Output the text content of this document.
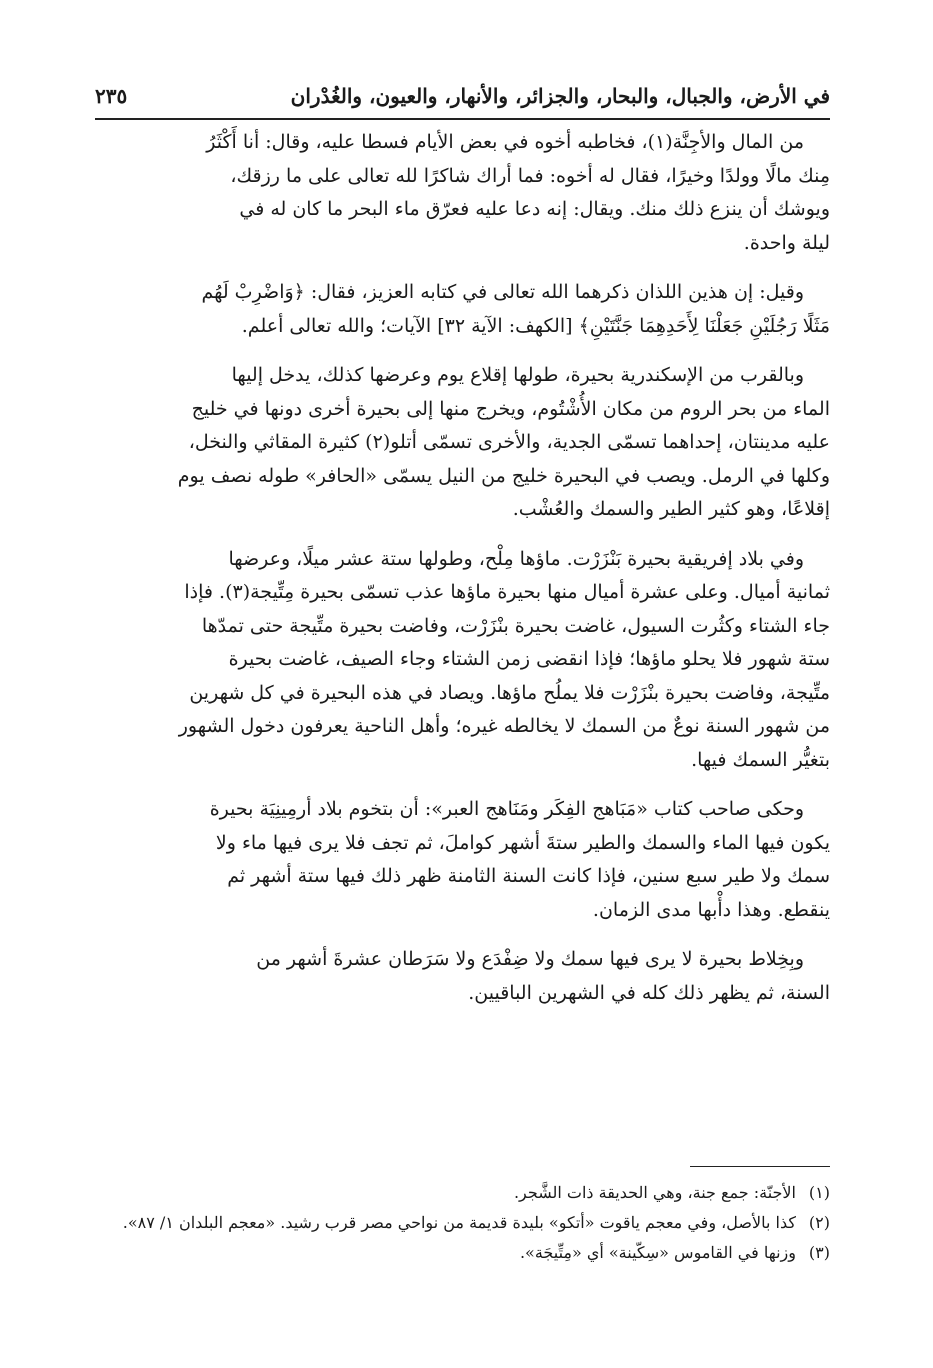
في الأرض، والجبال، والبحار، والجزائر، والأنهار، والعيون، والغُدْران
٢٣٥

من المال والأجِنَّة(١)، فخاطبه أخوه في بعض الأيام فسطا عليه، وقال: أنا أَكْثَرُ
مِنك مالًا وولدًا وخيرًا، فقال له أخوه: فما أراك شاكرًا لله تعالى على ما رزقك،
ويوشك أن ينزع ذلك منك. ويقال: إنه دعا عليه فعرّق ماء البحر ما كان له في
ليلة واحدة.

وقيل: إن هذين اللذان ذكرهما الله تعالى في كتابه العزيز، فقال: ﴿وَاضْرِبْ لَهُم
مَثَلًا رَجُلَيْنِ جَعَلْنَا لِأَحَدِهِمَا جَنَّتَيْنِ﴾ [الكهف: الآية ٣٢] الآيات؛ والله تعالى أعلم.

وبالقرب من الإسكندرية بحيرة، طولها إقلاع يوم وعرضها كذلك، يدخل إليها
الماء من بحر الروم من مكان الأُشْتُوم، ويخرج منها إلى بحيرة أخرى دونها في خليج
عليه مدينتان، إحداهما تسمّى الجدية، والأخرى تسمّى أتلو(٢) كثيرة المقاثي والنخل،
وكلها في الرمل. ويصب في البحيرة خليج من النيل يسمّى «الحافر» طوله نصف يوم
إقلاعًا، وهو كثير الطير والسمك والعُشْب.

وفي بلاد إفريقية بحيرة بَنْزَرْت. ماؤها مِلْح، وطولها ستة عشر ميلًا، وعرضها
ثمانية أميال. وعلى عشرة أميال منها بحيرة ماؤها عذب تسمّى بحيرة مِتِّيجة(٣). فإذا
جاء الشتاء وكثُرت السيول، غاضت بحيرة بنْزَرْت، وفاضت بحيرة متِّيجة حتى تمدّها
ستة شهور فلا يحلو ماؤها؛ فإذا انقضى زمن الشتاء وجاء الصيف، غاضت بحيرة
متِّيجة، وفاضت بحيرة بنْزَرْت فلا يملُح ماؤها. ويصاد في هذه البحيرة في كل شهرين
من شهور السنة نوعٌ من السمك لا يخالطه غيره؛ وأهل الناحية يعرفون دخول الشهور
بتغيُّر السمك فيها.

وحكى صاحب كتاب «مَبَاهج الفِكَر ومَنَاهج العبر»: أن بتخوم بلاد أرمِينِيَة بحيرة
يكون فيها الماء والسمك والطير ستةَ أشهر كواملَ، ثم تجف فلا يرى فيها ماء ولا
سمك ولا طير سبع سنين، فإذا كانت السنة الثامنة ظهر ذلك فيها ستة أشهر ثم
ينقطع. وهذا دأْبها مدى الزمان.

وبِخِلاط بحيرة لا يرى فيها سمك ولا ضِفْدَع ولا سَرَطان عشرةَ أشهر من
السنة، ثم يظهر ذلك كله في الشهرين الباقيين.

(١)
الأجنّة: جمع جنة، وهي الحديقة ذات الشَّجر.
(٢)
كذا بالأصل، وفي معجم ياقوت «أتكو» بليدة قديمة من نواحي مصر قرب رشيد. «معجم البلدان ١/ ٨٧».
(٣)
وزنها في القاموس «سِكّينة» أي «مِتِّيجَة».
